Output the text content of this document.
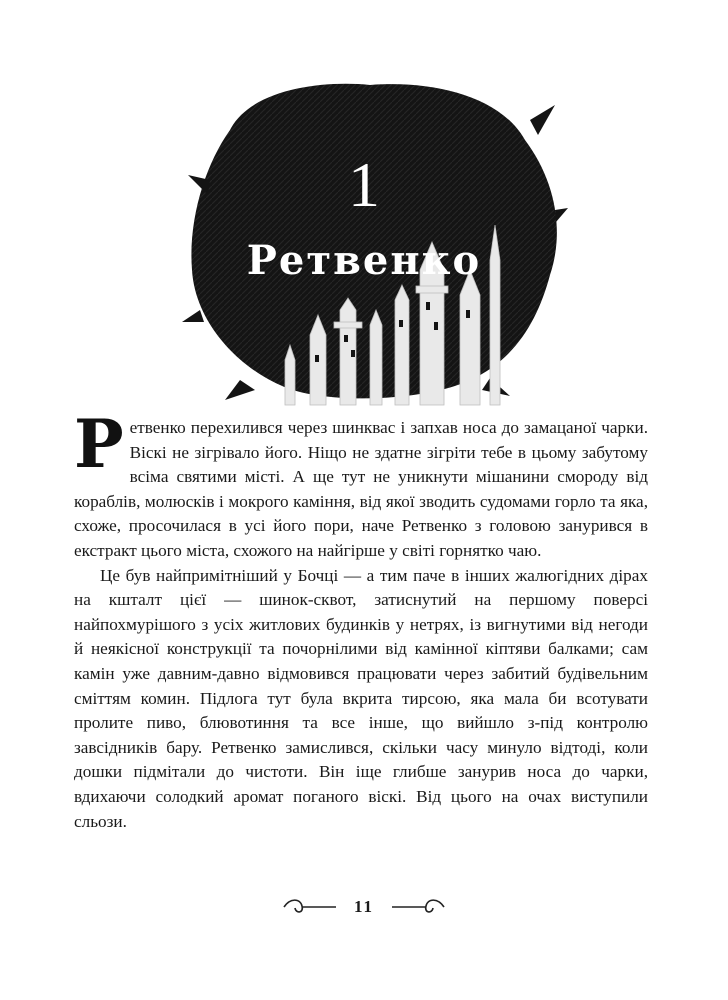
1
Ретвенко

Ретвенко перехилився через шинквас і запхав носа до замацаної чарки. Віскі не зігрівало його. Ніщо не здатне зігріти тебе в цьому забутому всіма святими місті. А ще тут не уникнути мішанини смороду від кораблів, молюсків і мокрого каміння, від якої зводить судомами горло та яка, схоже, просочилася в усі його пори, наче Ретвенко з головою занурився в екстракт цього міста, схожого на найгірше у світі горнятко чаю.

Це був найпримітніший у Бочці — а тим паче в інших жалюгідних дірах на кшталт цієї — шинок-сквот, затиснутий на першому поверсі найпохмурішого з усіх житлових будинків у нетрях, із вигнутими від негоди й неякісної конструкції та почорнілими від камінної кіптяви балками; сам камін уже давним-давно відмовився працювати через забитий будівельним сміттям комин. Підлога тут була вкрита тирсою, яка мала би всотувати пролите пиво, блювотиння та все інше, що вийшло з-під контролю завсідників бару. Ретвенко замислився, скільки часу минуло відтоді, коли дошки підмітали до чистоти. Він іще глибше занурив носа до чарки, вдихаючи солодкий аромат поганого віскі. Від цього на очах виступили сльози.

11
